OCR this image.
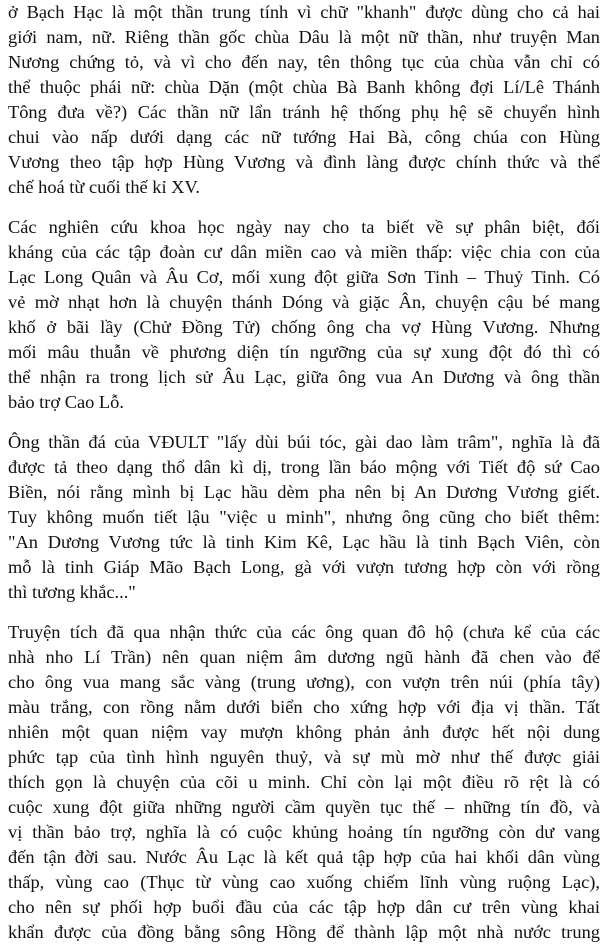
ở Bạch Hạc là một thần trung tính vì chữ "khanh" được dùng cho cả hai
giới nam, nữ. Riêng thần gốc chùa Dâu là một nữ thần, như truyện Man
Nương chứng tỏ, và vì cho đến nay, tên thông tục của chùa vẫn chỉ có
thể thuộc phái nữ: chùa Dặn (một chùa Bà Banh không đợi Lí/Lê Thánh
Tông đưa về?) Các thần nữ lẩn tránh hệ thống phụ hệ sẽ chuyển hình
chui vào nấp dưới dạng các nữ tướng Hai Bà, công chúa con Hùng
Vương theo tập hợp Hùng Vương và đình làng được chính thức và thể
chế hoá từ cuối thế kỉ XV.
Các nghiên cứu khoa học ngày nay cho ta biết về sự phân biệt, đối
kháng của các tập đoàn cư dân miền cao và miền thấp: việc chia con của
Lạc Long Quân và Âu Cơ, mối xung đột giữa Sơn Tinh – Thuỷ Tinh. Có
vẻ mờ nhạt hơn là chuyện thánh Dóng và giặc Ân, chuyện cậu bé mang
khố ở bãi lầy (Chử Đồng Tử) chống ông cha vợ Hùng Vương. Nhưng
mối mâu thuẫn về phương diện tín ngưỡng của sự xung đột đó thì có
thể nhận ra trong lịch sử Âu Lạc, giữa ông vua An Dương và ông thần
bảo trợ Cao Lỗ.
Ông thần đá của VĐULT "lấy dùi búi tóc, gài dao làm trâm", nghĩa là đã
được tả theo dạng thổ dân kì dị, trong lần báo mộng với Tiết độ sứ Cao
Biền, nói rằng mình bị Lạc hầu dèm pha nên bị An Dương Vương giết.
Tuy không muốn tiết lậu "việc u minh", nhưng ông cũng cho biết thêm:
"An Dương Vương tức là tinh Kim Kê, Lạc hầu là tinh Bạch Viên, còn
mỗ là tinh Giáp Mão Bạch Long, gà với vượn tương hợp còn với rồng
thì tương khắc..."
Truyện tích đã qua nhận thức của các ông quan đô hộ (chưa kể của các
nhà nho Lí Trần) nên quan niệm âm dương ngũ hành đã chen vào để
cho ông vua mang sắc vàng (trung ương), con vượn trên núi (phía tây)
màu trắng, con rồng nằm dưới biển cho xứng hợp với địa vị thần. Tất
nhiên một quan niệm vay mượn không phản ảnh được hết nội dung
phức tạp của tình hình nguyên thuỷ, và sự mù mờ như thế được giải
thích gọn là chuyện của cõi u minh. Chỉ còn lại một điều rõ rệt là có
cuộc xung đột giữa những người cầm quyền tục thế – những tín đồ, và
vị thần bảo trợ, nghĩa là có cuộc khủng hoảng tín ngưỡng còn dư vang
đến tận đời sau. Nước Âu Lạc là kết quả tập hợp của hai khối dân vùng
thấp, vùng cao (Thục từ vùng cao xuống chiếm lĩnh vùng ruộng Lạc),
cho nên sự phối hợp buổi đầu của các tập hợp dân cư trên vùng khai
khẩn được của đồng bằng sông Hồng để thành lập một nhà nước trung
